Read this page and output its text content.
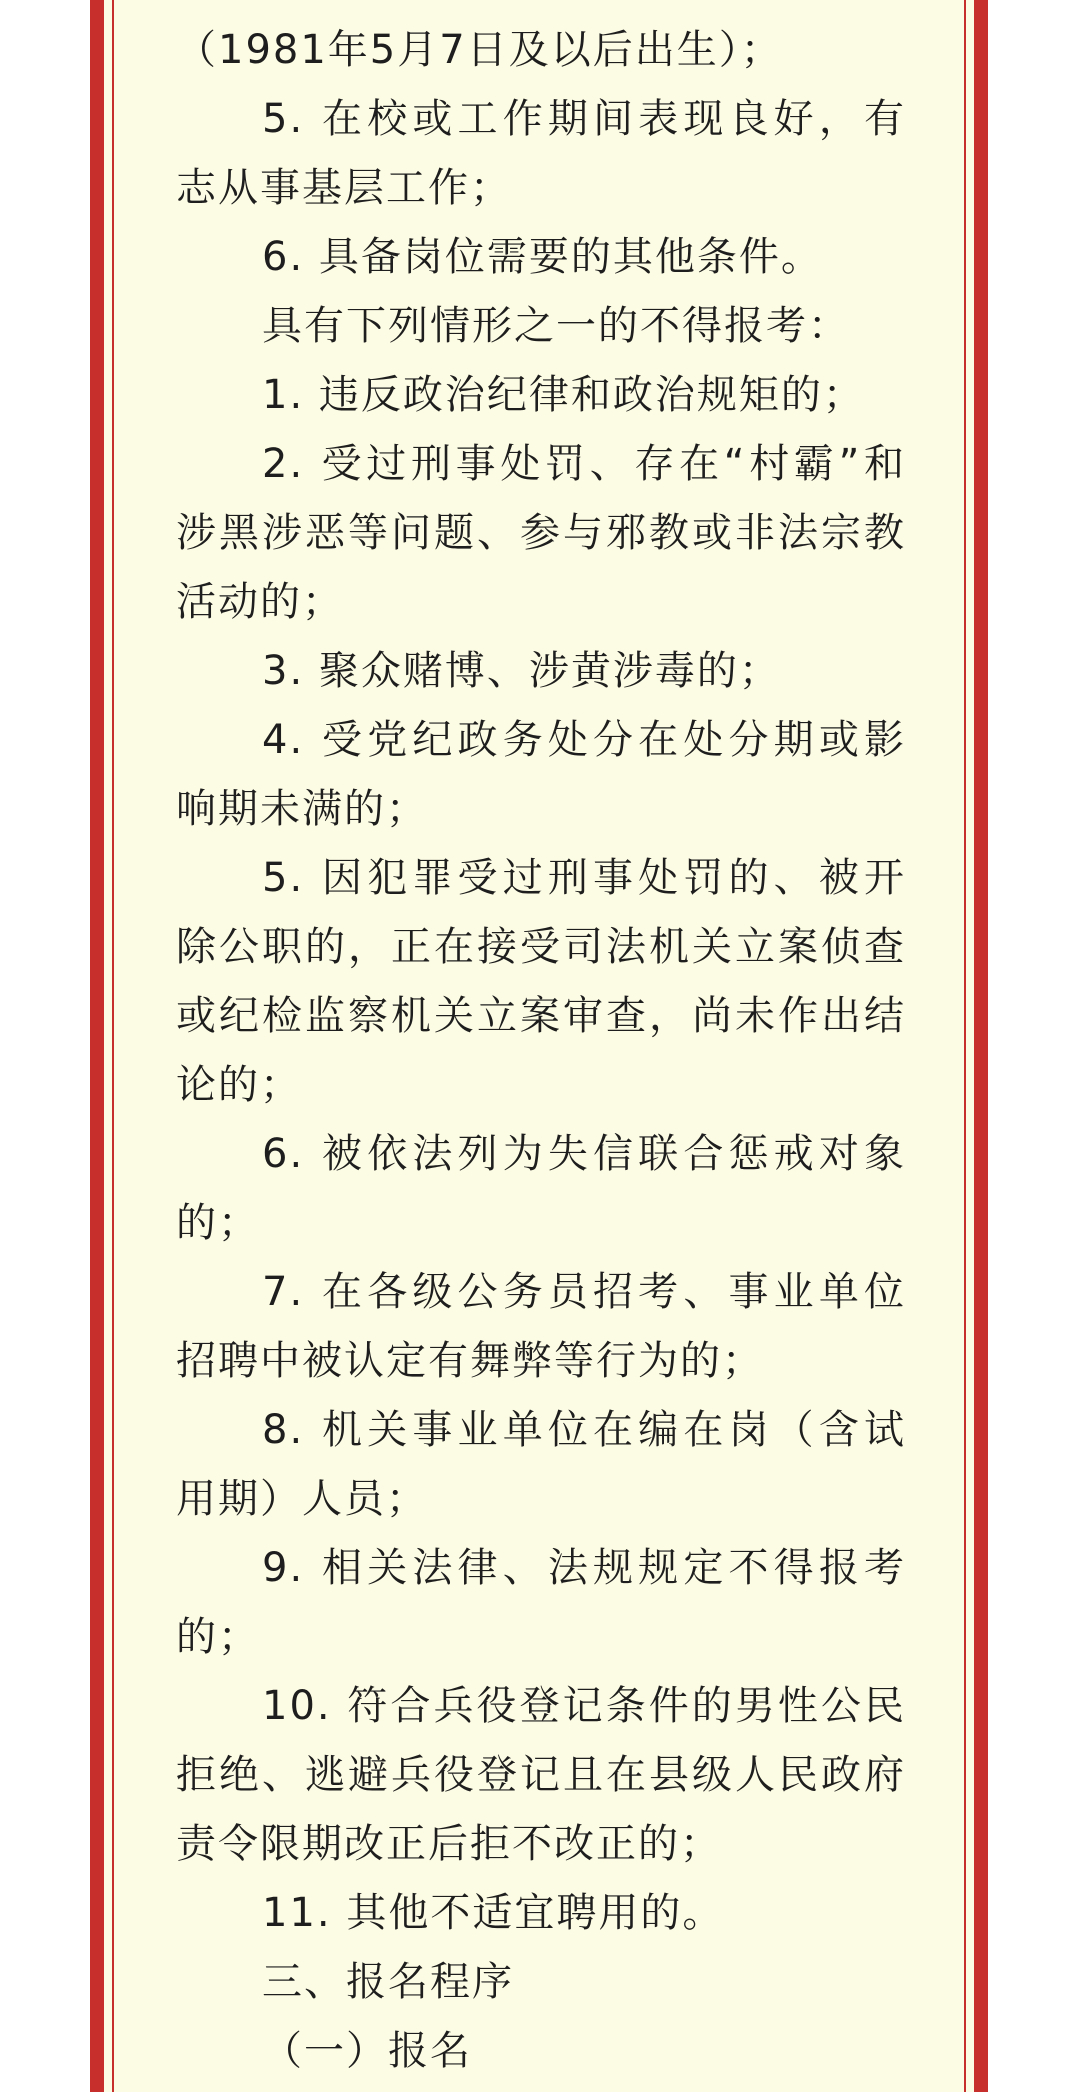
（1981年5月7日及以后出生）；

5. 在校或工作期间表现良好，有志从事基层工作；

6. 具备岗位需要的其他条件。

具有下列情形之一的不得报考：

1. 违反政治纪律和政治规矩的；

2. 受过刑事处罚、存在“村霸”和涉黑涉恶等问题、参与邪教或非法宗教活动的；

3. 聚众赌博、涉黄涉毒的；

4. 受党纪政务处分在处分期或影响期未满的；

5. 因犯罪受过刑事处罚的、被开除公职的，正在接受司法机关立案侦查或纪检监察机关立案审查，尚未作出结论的；

6. 被依法列为失信联合惩戒对象的；

7. 在各级公务员招考、事业单位招聘中被认定有舞弊等行为的；

8. 机关事业单位在编在岗（含试用期）人员；

9. 相关法律、法规规定不得报考的；

10. 符合兵役登记条件的男性公民拒绝、逃避兵役登记且在县级人民政府责令限期改正后拒不改正的；

11. 其他不适宜聘用的。

三、报名程序

（一）报名
